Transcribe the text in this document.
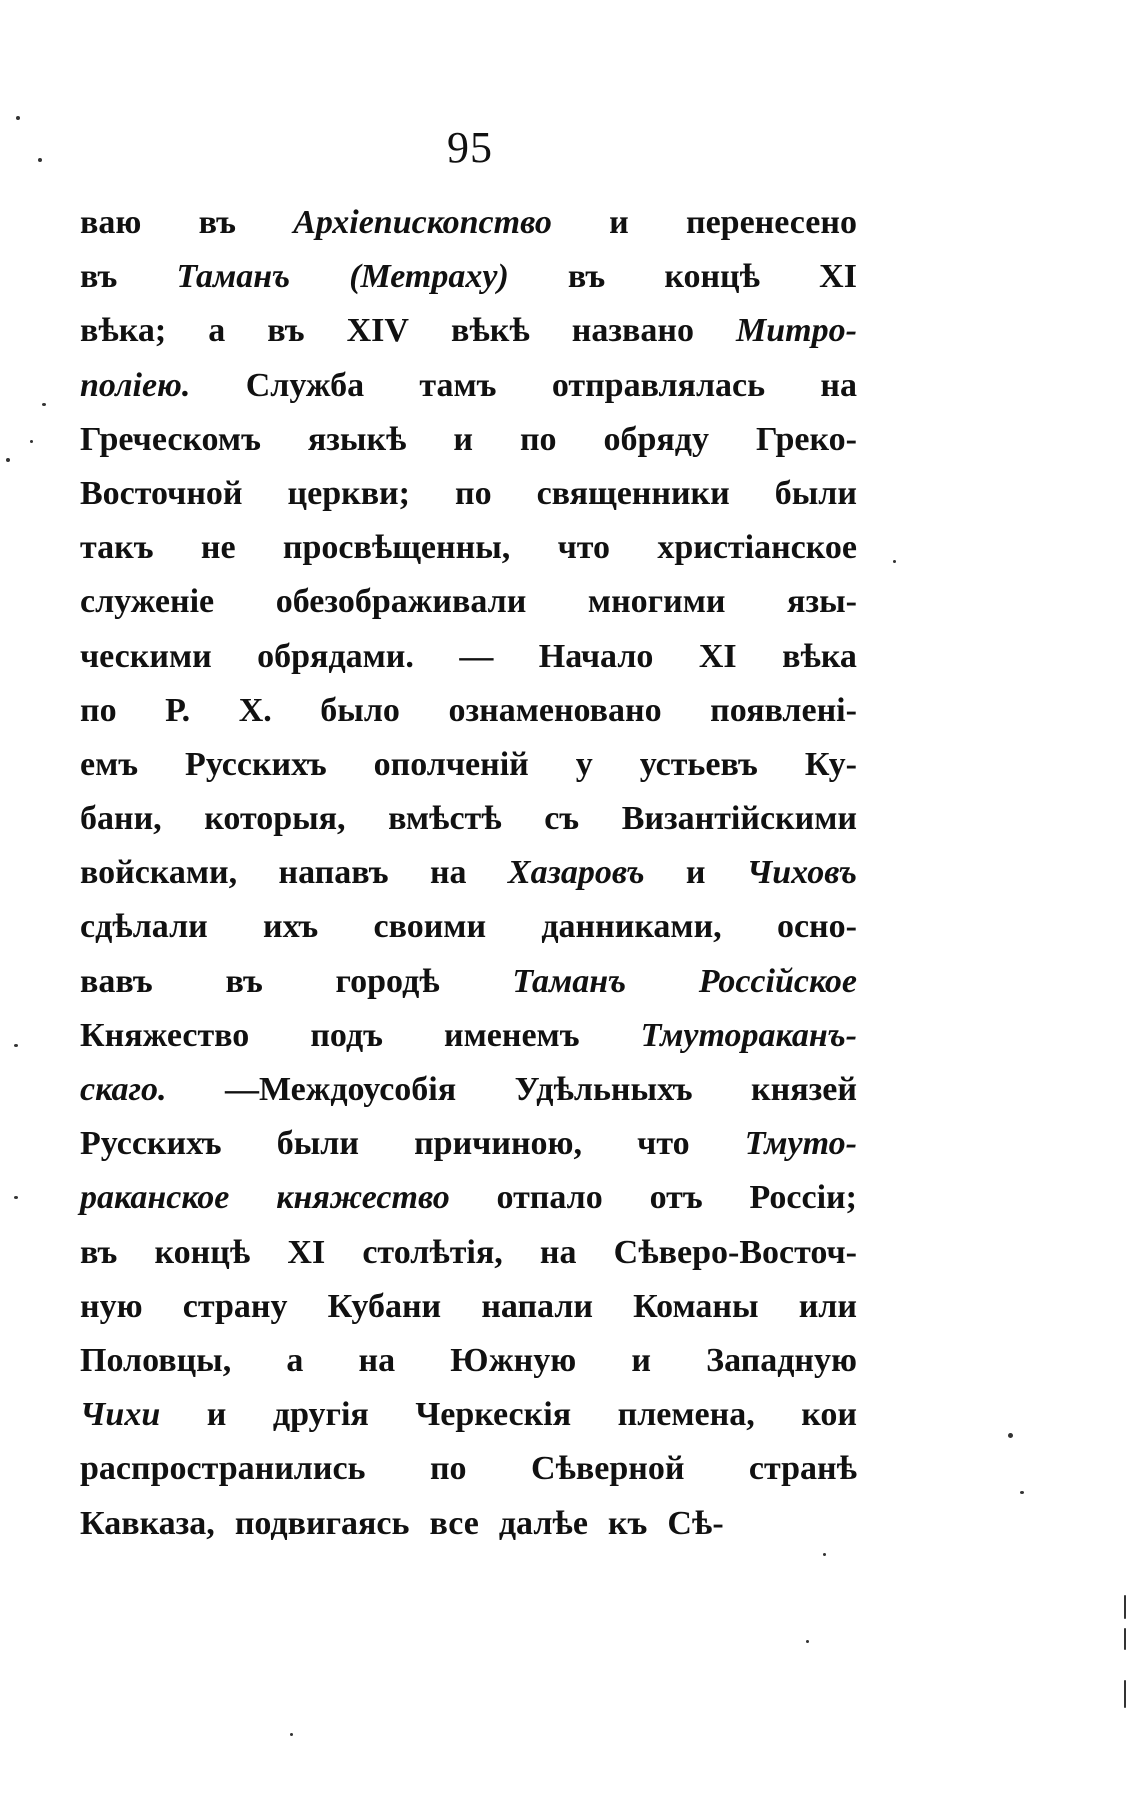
95
ваю въ Архіепископство и перенесено
въ Таманъ (Метраху) въ концѣ XI
вѣка; а въ XIV вѣкѣ названо Митро-
поліею. Служба тамъ отправлялась на
Греческомъ языкѣ и по обряду Греко-
Восточной церкви; по священники были
такъ не просвѣщенны, что христіанское
служеніе обезображивали многими язы-
ческими обрядами. — Начало XI вѣка
по Р. Х. было ознаменовано появлені-
емъ Русскихъ ополченій у устьевъ Ку-
бани, которыя, вмѣстѣ съ Византійскими
войсками, напавъ на Хазаровъ и Чиховъ
сдѣлали ихъ своими данниками, осно-
вавъ въ городѣ Таманъ Россійское
Княжество подъ именемъ Тмутораканъ-
скаго. —Междоусобія Удѣльныхъ князей
Русскихъ были причиною, что Тмуто-
раканское княжество отпало отъ Россіи;
въ концѣ XI столѣтія, на Сѣверо-Восточ-
ную страну Кубани напали Команы или
Половцы, а на Южную и Западную
Чихи и другія Черкескія племена, кои
распространились по Сѣверной странѣ
Кавказа, подвигаясь все далѣе къ Сѣ-
